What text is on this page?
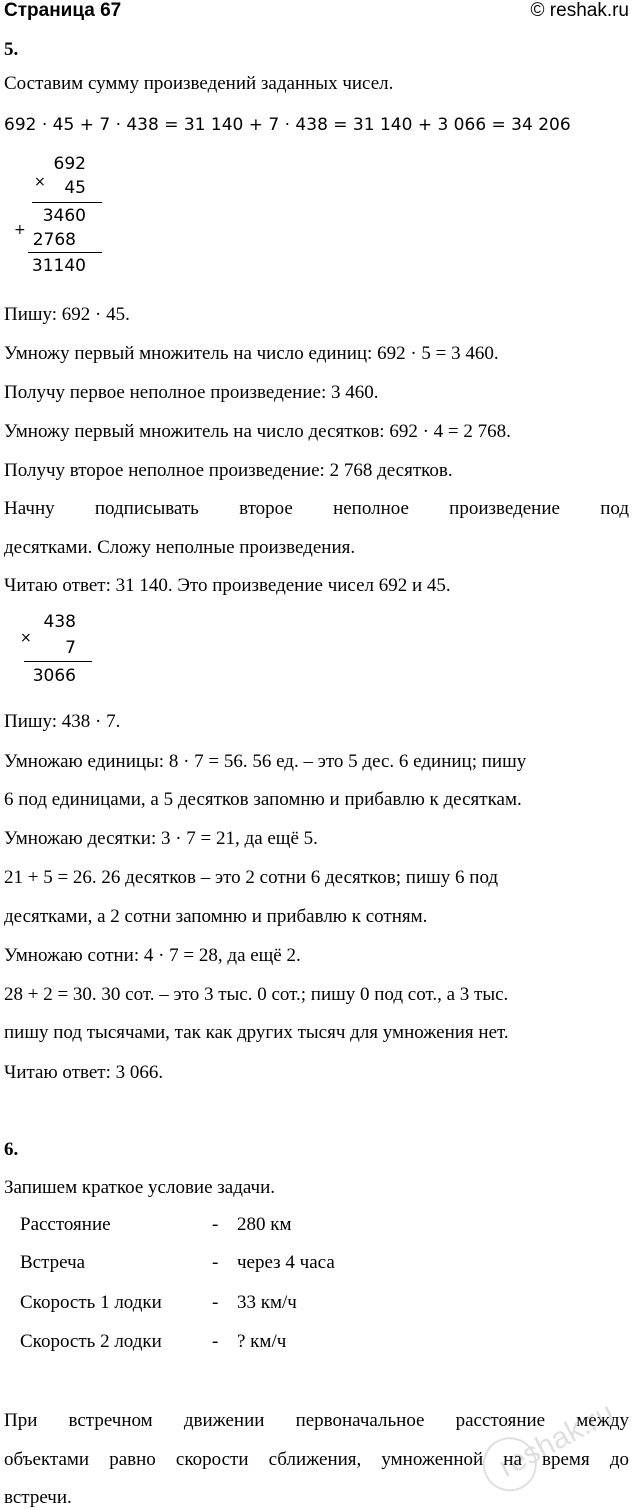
Страница 67	© reshak.ru
5.
Составим сумму произведений заданных чисел.
692 · 45 + 7 · 438 = 31 140 + 7 · 438 = 31 140 + 3 066 = 34 206
×
692
45
+
3460
2768
31140
Пишу: 692 · 45.
Умножу первый множитель на число единиц: 692 · 5 = 3 460.
Получу первое неполное произведение: 3 460.
Умножу первый множитель на число десятков: 692 · 4 = 2 768.
Получу второе неполное произведение: 2 768 десятков.
Начну подписывать второе неполное произведение под
десятками. Сложу неполные произведения.
Читаю ответ: 31 140. Это произведение чисел 692 и 45.
×
438
7
3066
Пишу: 438 · 7.
Умножаю единицы: 8 · 7 = 56. 56 ед. – это 5 дес. 6 единиц; пишу
6 под единицами, а 5 десятков запомню и прибавлю к десяткам.
Умножаю десятки: 3 · 7 = 21, да ещё 5.
21 + 5 = 26. 26 десятков – это 2 сотни 6 десятков; пишу 6 под
десятками, а 2 сотни запомню и прибавлю к сотням.
Умножаю сотни: 4 · 7 = 28, да ещё 2.
28 + 2 = 30. 30 сот. – это 3 тыс. 0 сот.; пишу 0 под сот., а 3 тыс.
пишу под тысячами, так как других тысяч для умножения нет.
Читаю ответ: 3 066.
6.
Запишем краткое условие задачи.
Расстояние	- 280 км
Встреча	- через 4 часа
Скорость 1 лодки	- 33 км/ч
Скорость 2 лодки	- ? км/ч
При встречном движении первоначальное расстояние между
объектами равно скорости сближения, умноженной на время до
встречи.
reshak.ru
